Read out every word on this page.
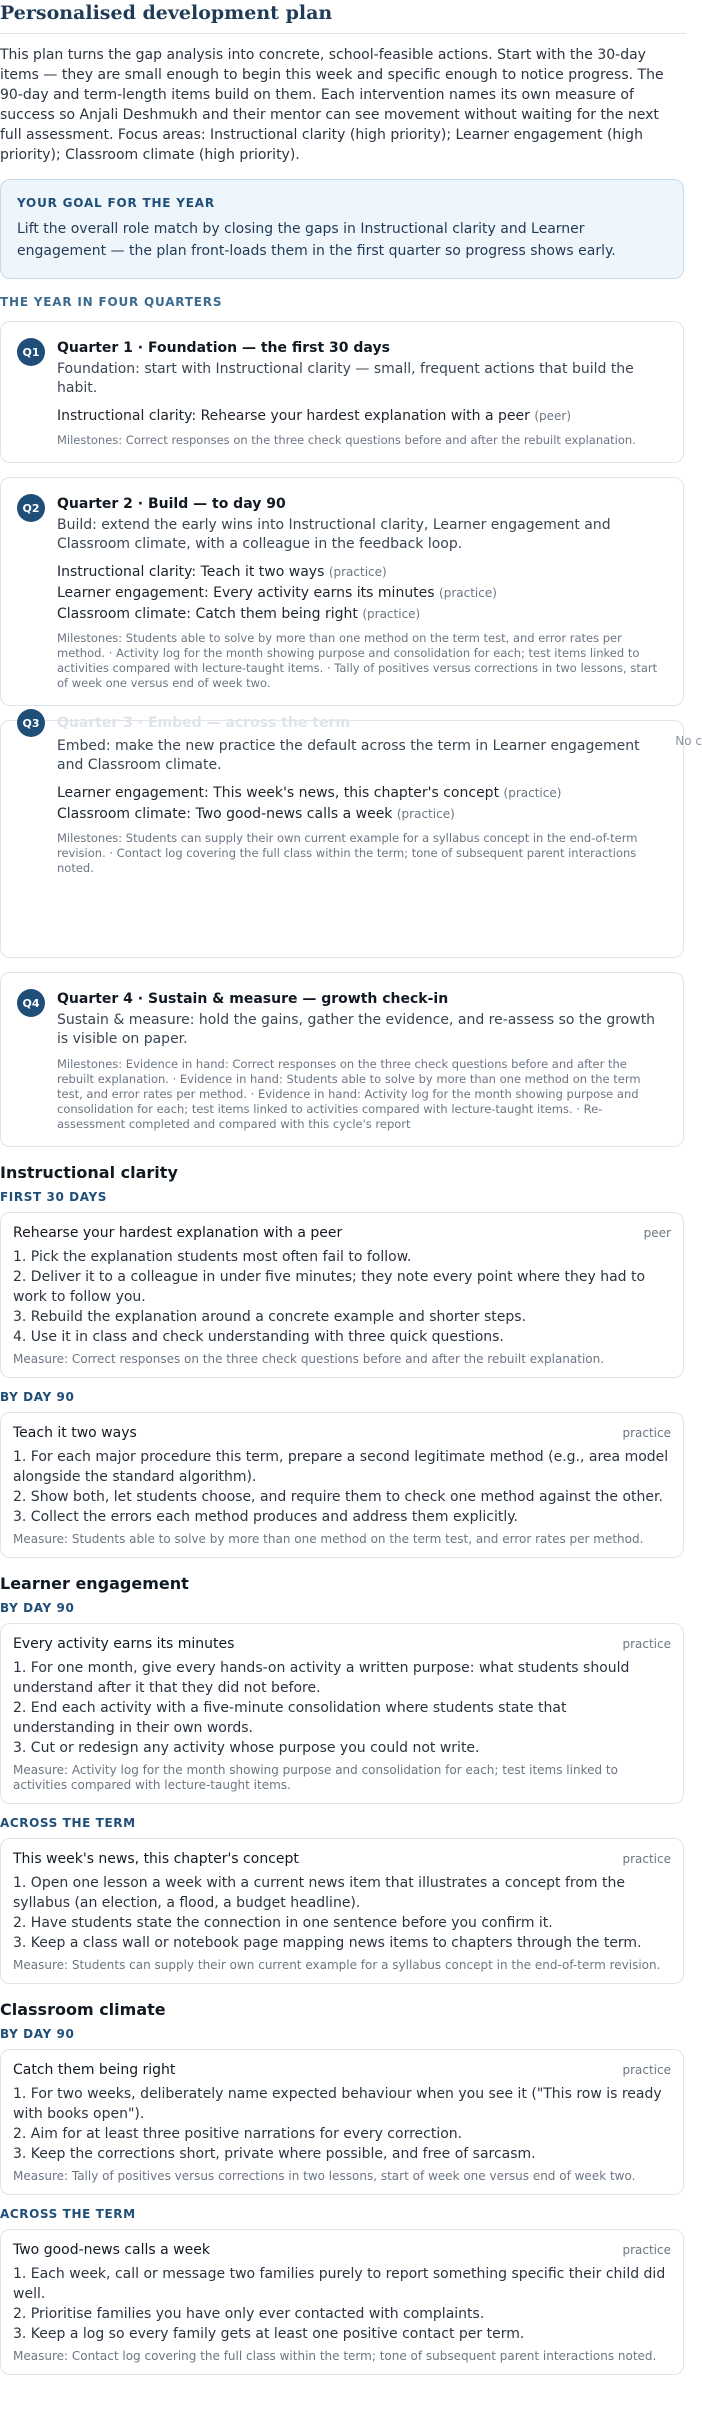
Personalised development plan

This plan turns the gap analysis into concrete, school-feasible actions. Start with the 30-day items — they are small enough to begin this week and specific enough to notice progress. The 90-day and term-length items build on them. Each intervention names its own measure of success so Anjali Deshmukh and their mentor can see movement without waiting for the next full assessment. Focus areas: Instructional clarity (high priority); Learner engagement (high priority); Classroom climate (high priority).

YOUR GOAL FOR THE YEAR
Lift the overall role match by closing the gaps in Instructional clarity and Learner engagement — the plan front-loads them in the first quarter so progress shows early.
THE YEAR IN FOUR QUARTERS
Q1	Quarter 1 · Foundation — the first 30 days
Foundation: start with Instructional clarity — small, frequent actions that build the habit.
Instructional clarity: Rehearse your hardest explanation with a peer (peer)
Milestones: Correct responses on the three check questions before and after the rebuilt explanation.
Q2	Quarter 2 · Build — to day 90
Build: extend the early wins into Instructional clarity, Learner engagement and Classroom climate, with a colleague in the feedback loop.
Instructional clarity: Teach it two ways (practice)
Learner engagement: Every activity earns its minutes (practice)
Classroom climate: Catch them being right (practice)
Milestones: Students able to solve by more than one method on the term test, and error rates per method. · Activity log for the month showing purpose and consolidation for each; test items linked to activities compared with lecture-taught items. · Tally of positives versus corrections in two lessons, start of week one versus end of week two.
Q3	Quarter 3 · Embed — across the term
Embed: make the new practice the default across the term in Learner engagement and Classroom climate.
Learner engagement: This week's news, this chapter's concept (practice)
Classroom climate: Two good-news calls a week (practice)
Milestones: Students can supply their own current example for a syllabus concept in the end-of-term revision. · Contact log covering the full class within the term; tone of subsequent parent interactions noted.
No c
Q4	Quarter 4 · Sustain & measure — growth check-in
Sustain & measure: hold the gains, gather the evidence, and re-assess so the growth is visible on paper.
Milestones: Evidence in hand: Correct responses on the three check questions before and after the rebuilt explanation. · Evidence in hand: Students able to solve by more than one method on the term test, and error rates per method. · Evidence in hand: Activity log for the month showing purpose and consolidation for each; test items linked to activities compared with lecture-taught items. · Re-assessment completed and compared with this cycle's report
Instructional clarity
FIRST 30 DAYS
Rehearse your hardest explanation with a peer	peer
1. Pick the explanation students most often fail to follow.
2. Deliver it to a colleague in under five minutes; they note every point where they had to work to follow you.
3. Rebuild the explanation around a concrete example and shorter steps.
4. Use it in class and check understanding with three quick questions.
Measure: Correct responses on the three check questions before and after the rebuilt explanation.
BY DAY 90
Teach it two ways	practice
1. For each major procedure this term, prepare a second legitimate method (e.g., area model alongside the standard algorithm).
2. Show both, let students choose, and require them to check one method against the other.
3. Collect the errors each method produces and address them explicitly.
Measure: Students able to solve by more than one method on the term test, and error rates per method.
Learner engagement
BY DAY 90
Every activity earns its minutes	practice
1. For one month, give every hands-on activity a written purpose: what students should understand after it that they did not before.
2. End each activity with a five-minute consolidation where students state that understanding in their own words.
3. Cut or redesign any activity whose purpose you could not write.
Measure: Activity log for the month showing purpose and consolidation for each; test items linked to activities compared with lecture-taught items.
ACROSS THE TERM
This week's news, this chapter's concept	practice
1. Open one lesson a week with a current news item that illustrates a concept from the syllabus (an election, a flood, a budget headline).
2. Have students state the connection in one sentence before you confirm it.
3. Keep a class wall or notebook page mapping news items to chapters through the term.
Measure: Students can supply their own current example for a syllabus concept in the end-of-term revision.
Classroom climate
BY DAY 90
Catch them being right	practice
1. For two weeks, deliberately name expected behaviour when you see it ("This row is ready with books open").
2. Aim for at least three positive narrations for every correction.
3. Keep the corrections short, private where possible, and free of sarcasm.
Measure: Tally of positives versus corrections in two lessons, start of week one versus end of week two.
ACROSS THE TERM
Two good-news calls a week	practice
1. Each week, call or message two families purely to report something specific their child did well.
2. Prioritise families you have only ever contacted with complaints.
3. Keep a log so every family gets at least one positive contact per term.
Measure: Contact log covering the full class within the term; tone of subsequent parent interactions noted.
